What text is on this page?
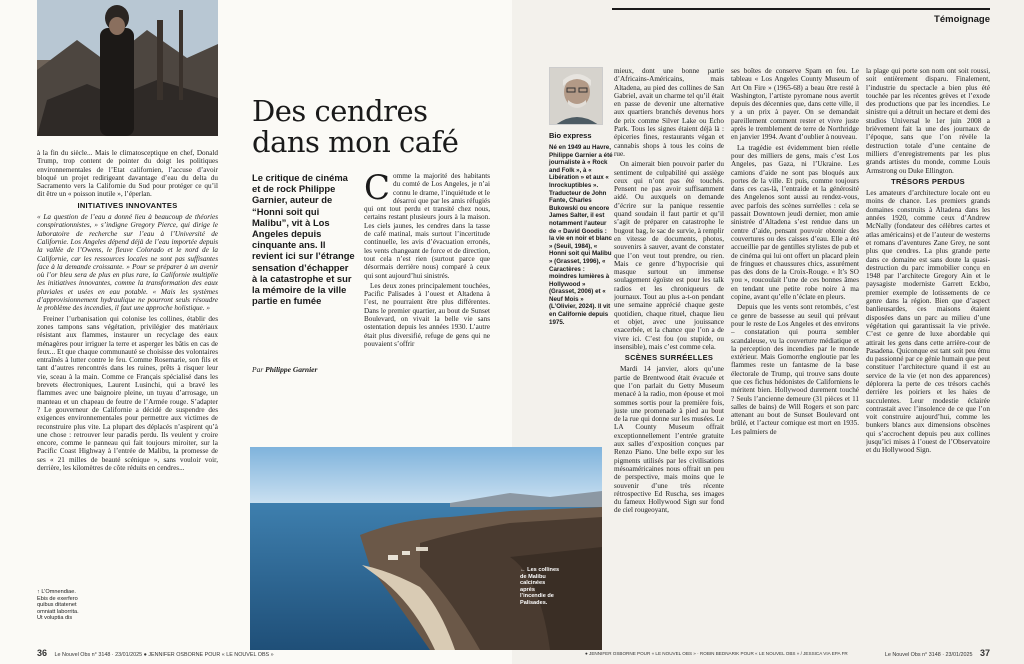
à la fin du siècle... Mais le climatosceptique en chef, Donald Trump, trop content de pointer du doigt les politiques environnementales de l’Etat californien, l’accuse d’avoir bloqué un projet redirigeant davantage d’eau du delta du Sacramento vers la Californie du Sud pour protéger ce qu’il dit être un « poisson inutile », l’éperlan.

INITIATIVES INNOVANTES

« La question de l’eau a donné lieu à beaucoup de théories conspirationnistes, » s’indigne Gregory Pierce, qui dirige le laboratoire de recherche sur l’eau à l’Université de Californie. Los Angeles dépend déjà de l’eau importée depuis la vallée de l’Owens, le fleuve Colorado et le nord de la Californie, car les ressources locales ne sont pas suffisantes face à la demande croissante. » Pour se préparer à un avenir où l’or bleu sera de plus en plus rare, la Californie multiplie les initiatives innovantes, comme la transformation des eaux pluviales et usées en eau potable. « Mais les systèmes d’approvisionnement hydraulique ne pourront seuls résoudre le problème des incendies, il faut une approche holistique. »

Freiner l’urbanisation qui colonise les collines, établir des zones tampons sans végétation, privilégier des matériaux résistant aux flammes, instaurer un recyclage des eaux ménagères pour irriguer la terre et asperger les bâtis en cas de feux... Et que chaque communauté se choisisse des volontaires entraînés à lutter contre le feu. Comme Rosemarie, son fils et tant d’autres rencontrés dans les ruines, prêts à risquer leur vie, sceau à la main. Comme ce Français spécialisé dans les brevets électroniques, Laurent Lusinchi, qui a bravé les flammes avec une baignoire pleine, un tuyau d’arrosage, un manteau et un chapeau de feutre de l’Armée rouge. S’adapter ? Le gouverneur de Californie a décidé de suspendre des exigences environnementales pour permettre aux victimes de reconstruire plus vite. La plupart des déplacés n’aspirent qu’à une chose : retrouver leur paradis perdu. Ils veulent y croire encore, comme le panneau qui fait toujours miroiter, sur la Pacific Coast Highway à l’entrée de Malibu, la promesse de ses « 21 milles de beauté scénique », sans vouloir voir, derrière, les kilomètres de côte réduits en cendres...

↑ L’Omnendiae. Ebis de exerfero quibus ditatenet omniatt laborrita. Ut voluptia dis
Des cendres
dans mon café
Le critique de cinéma et de rock Philippe Garnier, auteur de “Honni soit qui Malibu”, vit à Los Angeles depuis cinquante ans. Il revient ici sur l’étrange sensation d’échapper à la catastrophe et sur la mémoire de la ville partie en fumée
Par Philippe Garnier

Comme la majorité des habitants du comté de Los Angeles, je n’ai connu le drame, l’inquiétude et le désarroi que par les amis réfugiés qui ont tout perdu et transité chez nous, certains restant plusieurs jours à la maison. Les ciels jaunes, les cendres dans la tasse de café matinal, mais surtout l’incertitude continuelle, les avis d’évacuation erronés, les vents changeant de force et de direction, tout cela n’est rien (surtout parce que désormais derrière nous) comparé à ceux qui sont aujourd’hui sinistrés.

Les deux zones principalement touchées, Pacific Palisades à l’ouest et Altadena à l’est, ne pourraient être plus différentes. Dans le premier quartier, au bout de Sunset Boulevard, on vivait la belle vie sans ostentation depuis les années 1930. L’autre était plus diversifié, refuge de gens qui ne pouvaient s’offrir

← Les collines de Malibu calcinées après l’incendie de Palisades.
36 Le Nouvel Obs n° 3148 · 23/01/2025 ● JENNIFER OSBORNE POUR « LE NOUVEL OBS »
Témoignage
Bio express
Né en 1949 au Havre, Philippe Garnier a été journaliste à « Rock and Folk », à « Libération » et aux « Inrockuptibles ». Traducteur de John Fante, Charles Bukowski ou encore James Salter, il est notamment l’auteur de « David Goodis : la vie en noir et blanc » (Seuil, 1984), « Honni soit qui Malibu » (Grasset, 1996), « Caractères : moindres lumières à Hollywood » (Grasset, 2006) et « Neuf Mois » (L’Olivier, 2024). Il vit en Californie depuis 1975.

mieux, dont une bonne partie d’Africains-Américains, mais Altadena, au pied des collines de San Gabriel, avait un charme tel qu’il était en passe de devenir une alternative aux quartiers branchés devenus hors de prix comme Silver Lake ou Echo Park. Tous les signes étaient déjà là : épiceries fines, restaurants végan et cannabis shops à tous les coins de rue.

On aimerait bien pouvoir parler du sentiment de culpabilité qui assiège ceux qui n’ont pas été touchés. Pensent ne pas avoir suffisamment aidé. Ou auxquels on demande d’écrire sur la panique ressentie quand soudain il faut partir et qu’il s’agit de préparer en catastrophe le bugout bag, le sac de survie, à remplir en vitesse de documents, photos, souvenirs à sauver, avant de constater que l’on veut tout prendre, ou rien. Mais ce genre d’hypocrisie qui masque surtout un immense soulagement égoïste est pour les talk radios et les chroniqueurs de journaux. Tout au plus a-t-on pendant une semaine apprécié chaque geste quotidien, chaque rituel, chaque lieu et objet, avec une jouissance exacerbée, et la chance que l’on a de vivre ici. C’est fou (ou stupide, ou insensible), mais c’est comme cela.

SCÈNES SURRÉELLES

Mardi 14 janvier, alors qu’une partie de Brentwood était évacuée et que l’on parlait du Getty Museum menacé à la radio, mon épouse et moi sommes sortis pour la première fois, juste une promenade à pied au bout de la rue qui donne sur les musées. Le LA County Museum offrait exceptionnellement l’entrée gratuite aux salles d’exposition conçues par Renzo Piano. Une belle expo sur les pigments utilisés par les civilisations mésoaméricaines nous offrait un peu de perspective, mais moins que le souvenir d’une très récente rétrospective Ed Ruscha, ses images du fameux Hollywood Sign sur fond de ciel rougeoyant,

ses boîtes de conserve Spam en feu. Le tableau « Los Angeles County Museum of Art On Fire » (1965-68) a beau être resté à Washington, l’artiste pyromane nous avertit depuis des décennies que, dans cette ville, il y a un prix à payer. On se demandait pareillement comment rester et vivre juste après le tremblement de terre de Northridge en janvier 1994. Avant d’oublier à nouveau.

La tragédie est évidemment bien réelle pour des milliers de gens, mais c’est Los Angeles, pas Gaza, ni l’Ukraine. Les camions d’aide ne sont pas bloqués aux portes de la ville. Et puis, comme toujours dans ces cas-là, l’entraide et la générosité des Angelenos sont aussi au rendez-vous, avec parfois des scènes surréelles : cela se passait Downtown jeudi dernier, mon amie sinistrée d’Altadena s’est rendue dans un centre d’aide, pensant pouvoir obtenir des couvertures ou des caisses d’eau. Elle a été accueillie par de gentilles stylistes de pub et de cinéma qui lui ont offert un placard plein de fringues et chaussures chics, assurément pas des dons de la Croix-Rouge. « It’s SO you », roucoulait l’une de ces bonnes âmes en tendant une petite robe noire à ma copine, avant qu’elle n’éclate en pleurs.

Depuis que les vents sont retombés, c’est ce genre de bassesse au seuil qui prévaut pour le reste de Los Angeles et des environs – constatation qui pourra sembler scandaleuse, vu la couverture médiatique et la perception des incendies par le monde extérieur. Mais Gomorrhe engloutie par les flammes reste un fantasme de la base électorale de Trump, qui trouve sans doute que ces fichus hédonistes de Californiens le méritent bien. Hollywood durement touché ? Seuls l’ancienne demeure (31 pièces et 11 salles de bains) de Will Rogers et son parc attenant au bout de Sunset Boulevard ont brûlé, et l’acteur comique est mort en 1935. Les palmiers de

la plage qui porte son nom ont soit roussi, soit entièrement disparu. Finalement, l’industrie du spectacle a bien plus été touchée par les récentes grèves et l’exode des productions que par les incendies. Le sinistre qui a détruit un hectare et demi des studios Universal le 1er juin 2008 a brièvement fait la une des journaux de l’époque, sans que l’on révèle la destruction totale d’une centaine de milliers d’enregistrements par les plus grands artistes du monde, comme Louis Armstrong ou Duke Ellington.

TRÉSORS PERDUS

Les amateurs d’architecture locale ont eu moins de chance. Les premiers grands domaines construits à Altadena dans les années 1920, comme ceux d’Andrew McNally (fondateur des célèbres cartes et atlas américains) et de l’auteur de westerns et romans d’aventures Zane Grey, ne sont plus que cendres. La plus grande perte dans ce domaine est sans doute la quasi-destruction du parc immobilier conçu en 1948 par l’architecte Gregory Ain et le paysagiste moderniste Garrett Eckbo, premier exemple de lotissements de ce genre dans la région. Bien que d’aspect banlieusardes, ces maisons étaient disposées dans un parc au milieu d’une végétation qui garantissait la vie privée. C’est ce genre de luxe abordable qui attirait les gens dans cette arrière-cour de Pasadena. Quiconque est tant soit peu ému du passionné par ce génie humain que peut constituer l’architecture quand il est au service de la vie (et non des apparences) déplorera la perte de ces trésors cachés derrière les poiriers et les haies de succulentes. Leur modestie éclairée contrastait avec l’insolence de ce que l’on voit construire aujourd’hui, comme les bunkers blancs aux dimensions obscènes qui s’accrochent depuis peu aux collines jusqu’ici mises à l’ouest de l’Observatoire et du Hollywood Sign.

● JENNIFER OSBORNE POUR « LE NOUVEL OBS » · ROBIN BEDNARIK POUR « LE NOUVEL OBS » / JESSICA VIA EPA FR	Le Nouvel Obs n° 3148 · 23/01/2025 37
